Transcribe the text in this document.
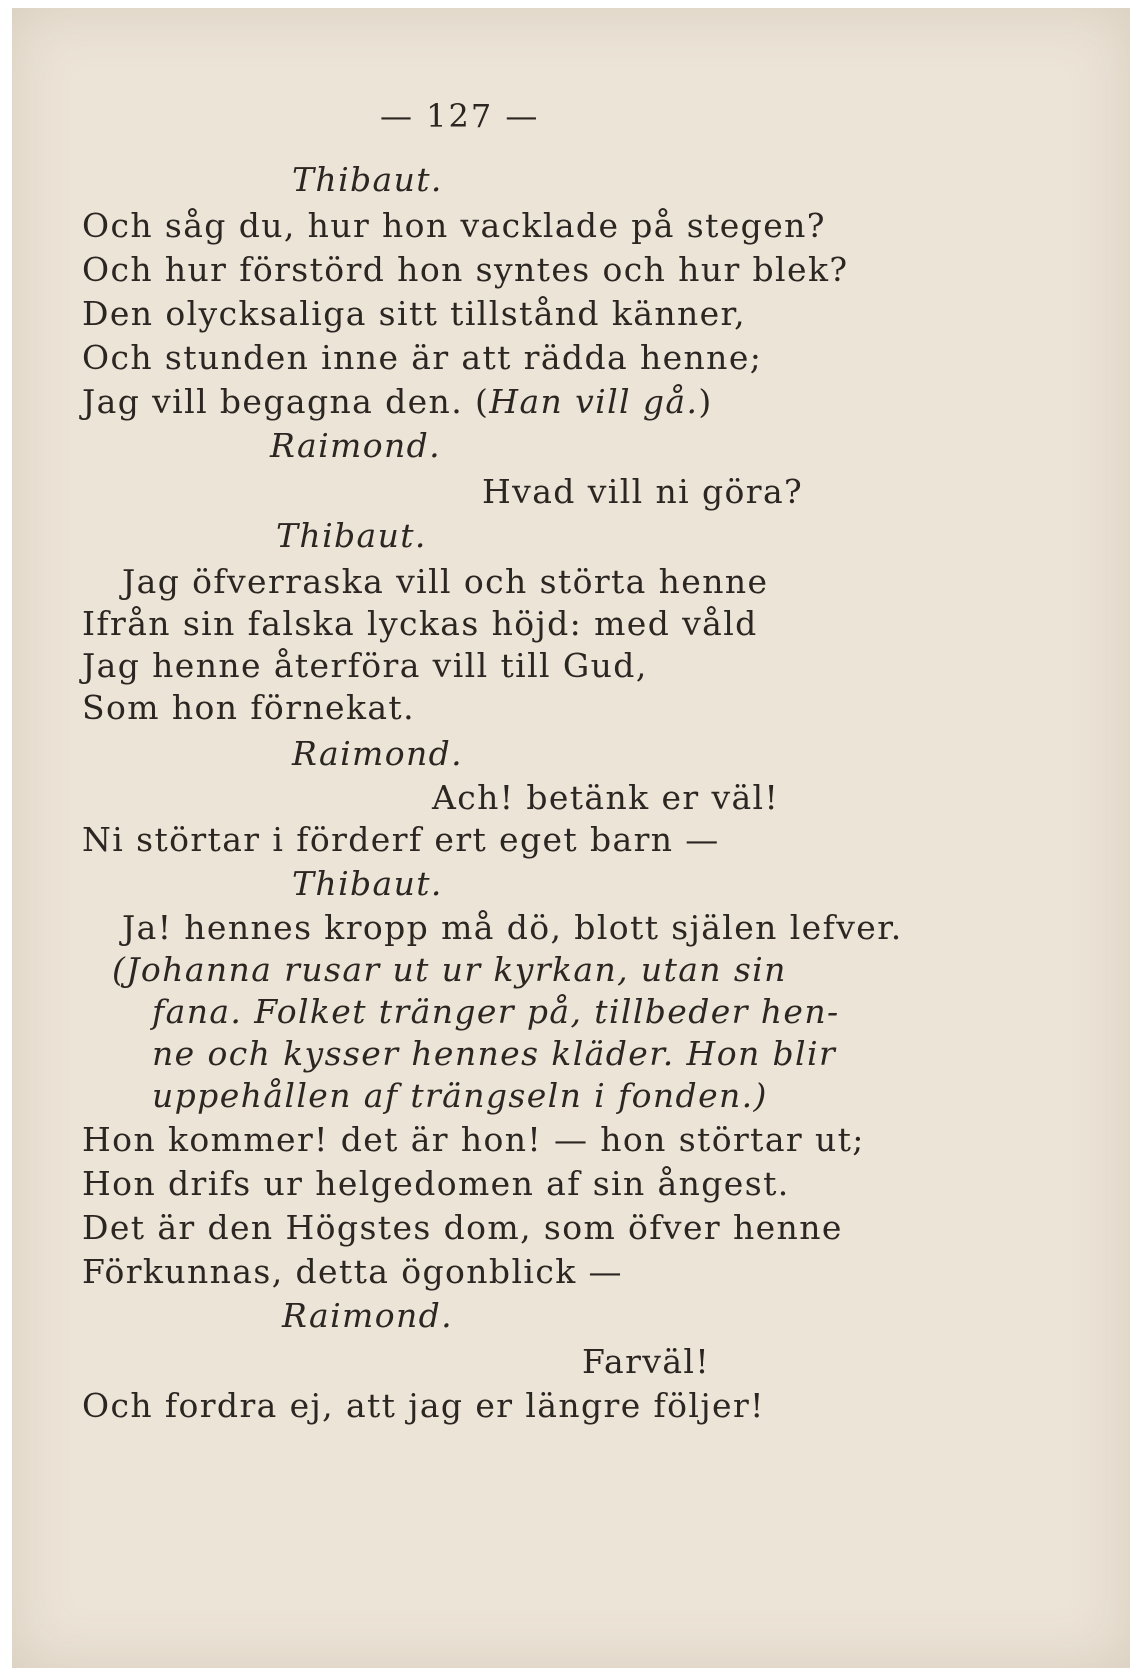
— 127 —
Thibaut.
Och såg du, hur hon vacklade på stegen?
Och hur förstörd hon syntes och hur blek?
Den olycksaliga sitt tillstånd känner,
Och stunden inne är att rädda henne;
Jag vill begagna den. (Han vill gå.)
Raimond.
Hvad vill ni göra?
Thibaut.
Jag öfverraska vill och störta henne
Ifrån sin falska lyckas höjd: med våld
Jag henne återföra vill till Gud,
Som hon förnekat.
Raimond.
Ach! betänk er väl!
Ni störtar i förderf ert eget barn —
Thibaut.
Ja! hennes kropp må dö, blott själen lefver.
(Johanna rusar ut ur kyrkan, utan sin
fana. Folket tränger på, tillbeder hen-
ne och kysser hennes kläder. Hon blir
uppehållen af trängseln i fonden.)
Hon kommer! det är hon! — hon störtar ut;
Hon drifs ur helgedomen af sin ångest.
Det är den Högstes dom, som öfver henne
Förkunnas, detta ögonblick —
Raimond.
Farväl!
Och fordra ej, att jag er längre följer!
